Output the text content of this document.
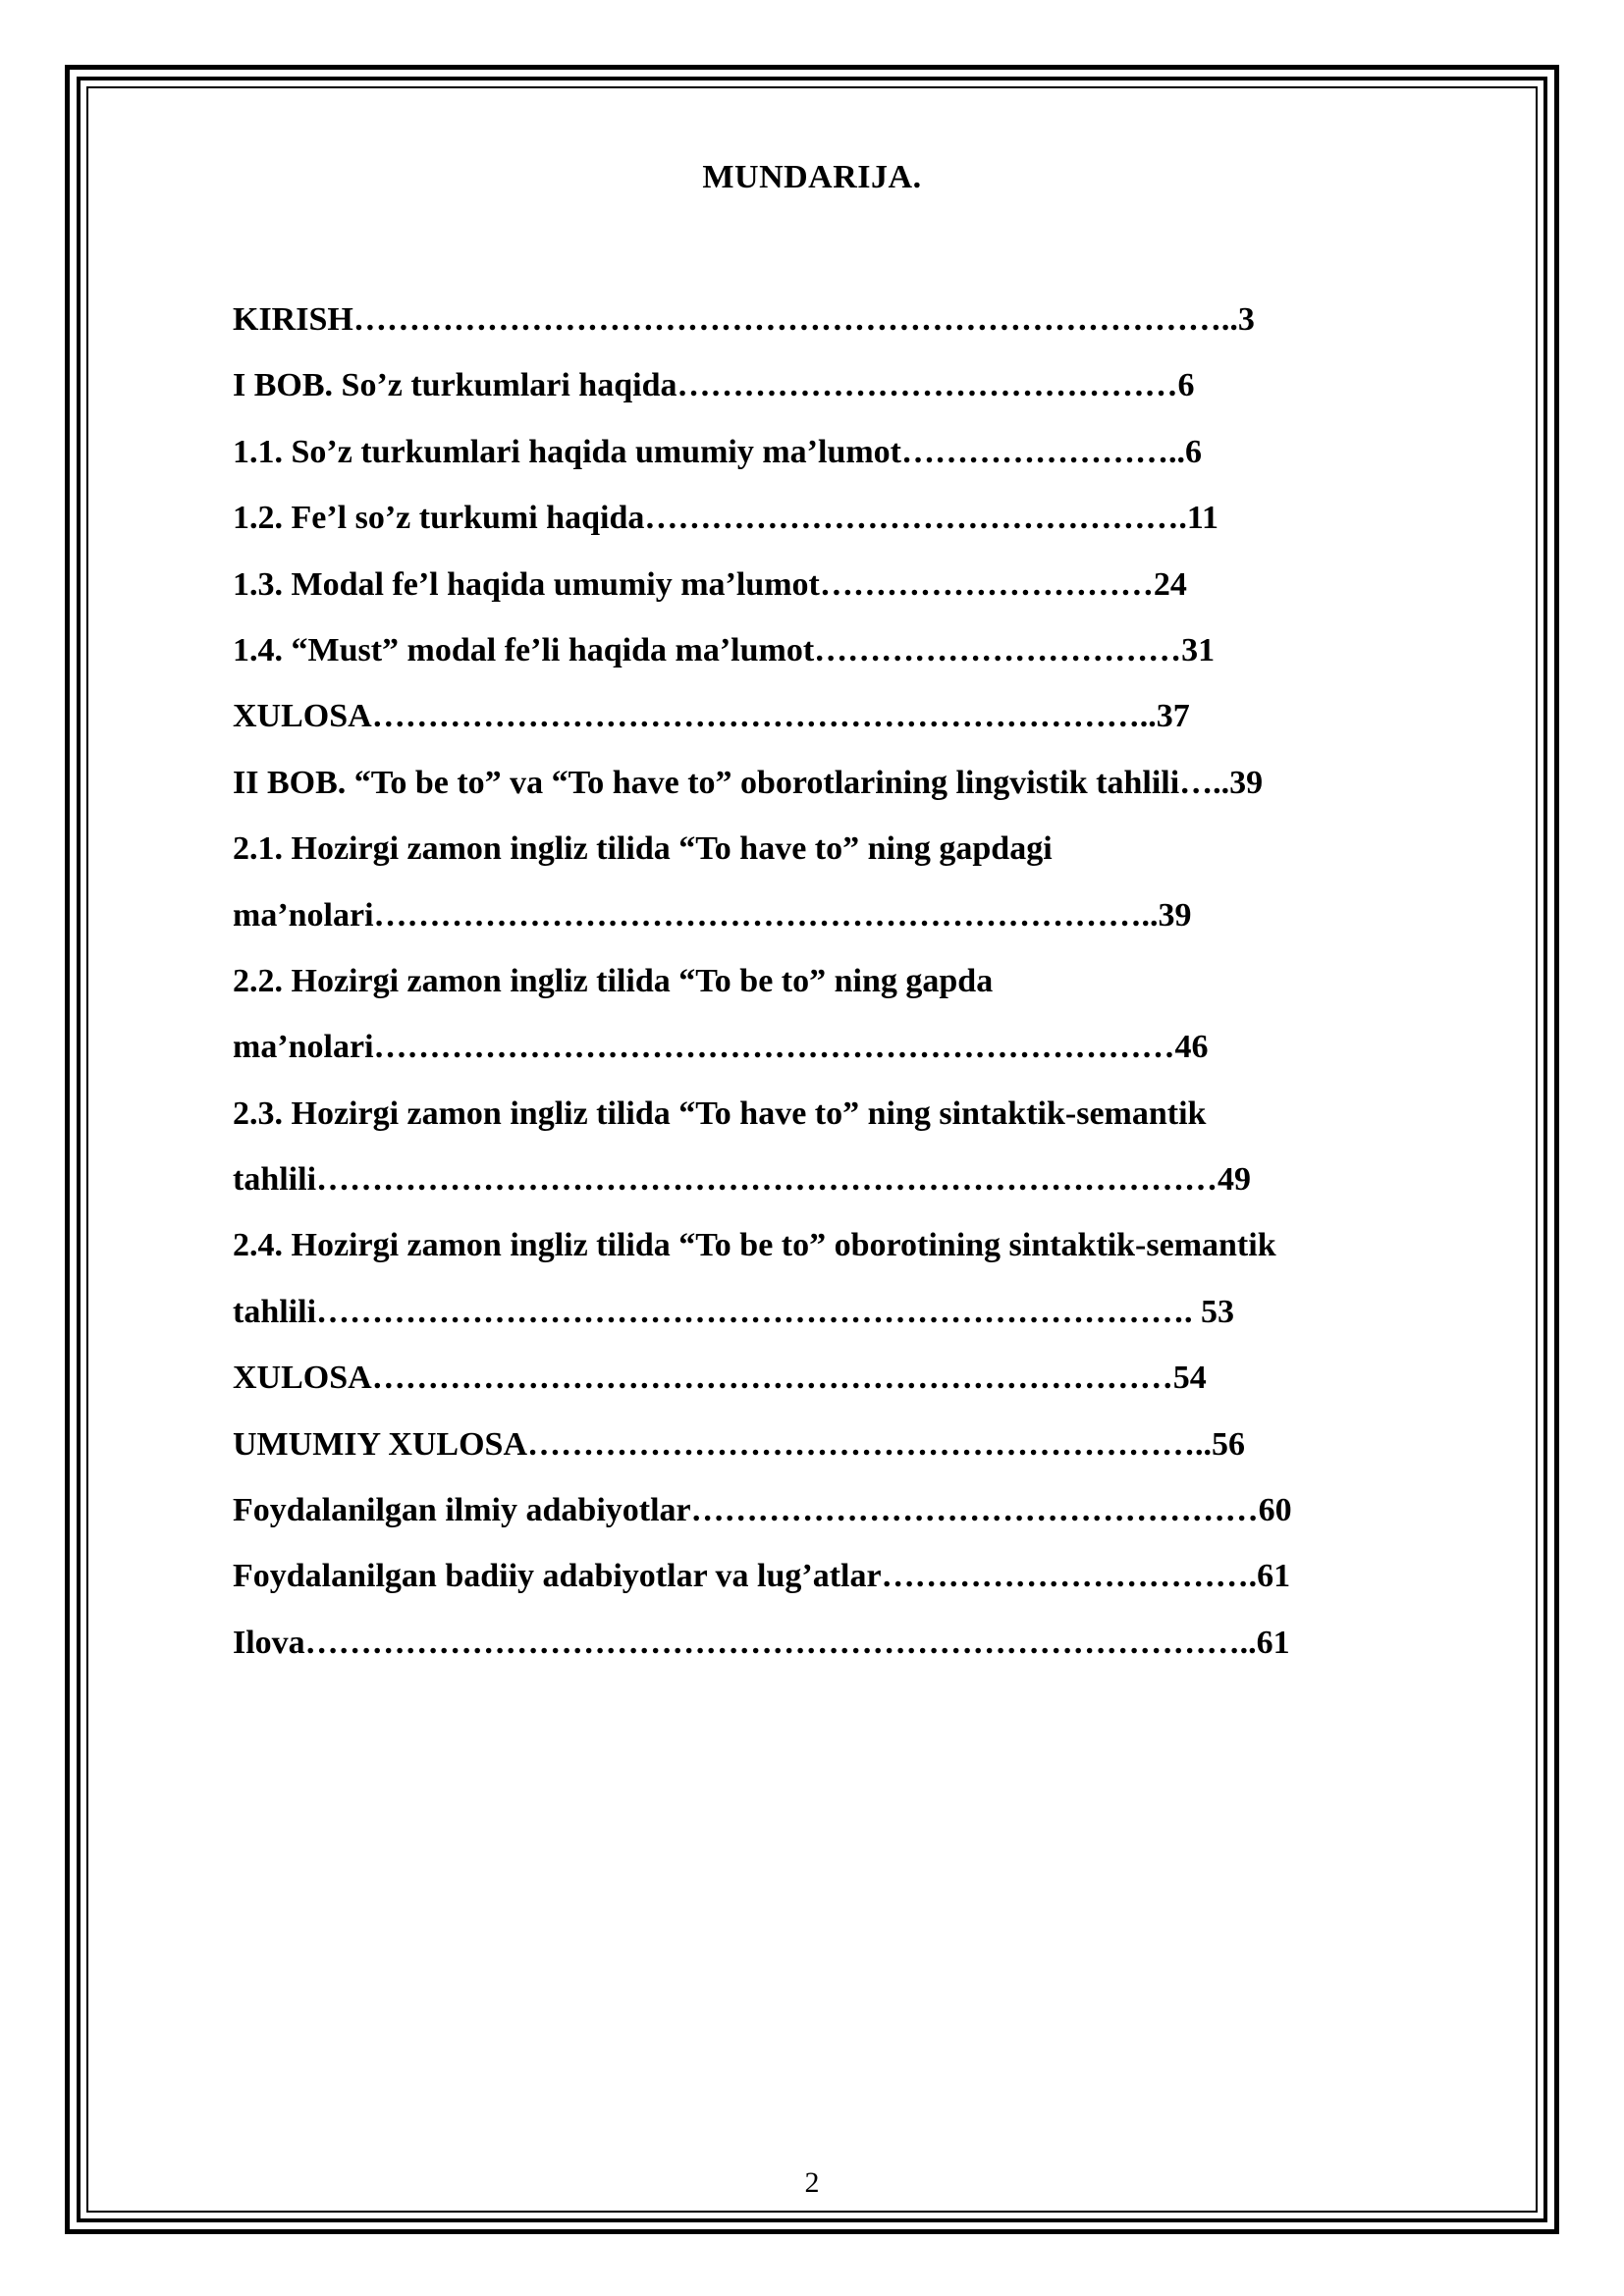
MUNDARIJA.
KIRISH……………………………………………………………………..3
I BOB. So’z turkumlari haqida………………………………………6
1.1. So’z turkumlari haqida umumiy ma’lumot……………………..6
1.2. Fe’l so’z turkumi haqida………………………………………….11
1.3. Modal fe’l haqida umumiy ma’lumot…………………………24
1.4. “Must” modal fe’li haqida ma’lumot……………………………31
XULOSA……………………………………………………………..37
II BOB. “To be to” va “To have to” oborotlarining lingvistik tahlili…..39
2.1. Hozirgi zamon ingliz tilida “To have to” ning gapdagi
ma’nolari……………………………………………………………..39
2.2. Hozirgi zamon ingliz tilida “To be to” ning gapda
ma’nolari………………………………………………………………46
2.3. Hozirgi zamon ingliz tilida “To have to” ning sintaktik-semantik
tahlili………………………………………………………………………49
2.4. Hozirgi zamon ingliz tilida “To be to” oborotining sintaktik-semantik
tahlili……………………………………………………………………. 53
XULOSA………………………………………………………………54
UMUMIY XULOSA……………………………………………………..56
Foydalanilgan ilmiy adabiyotlar……………………………………………60
Foydalanilgan badiiy adabiyotlar va lug’atlar…………………………….61
Ilova…………………………………………………………………………..61
2
